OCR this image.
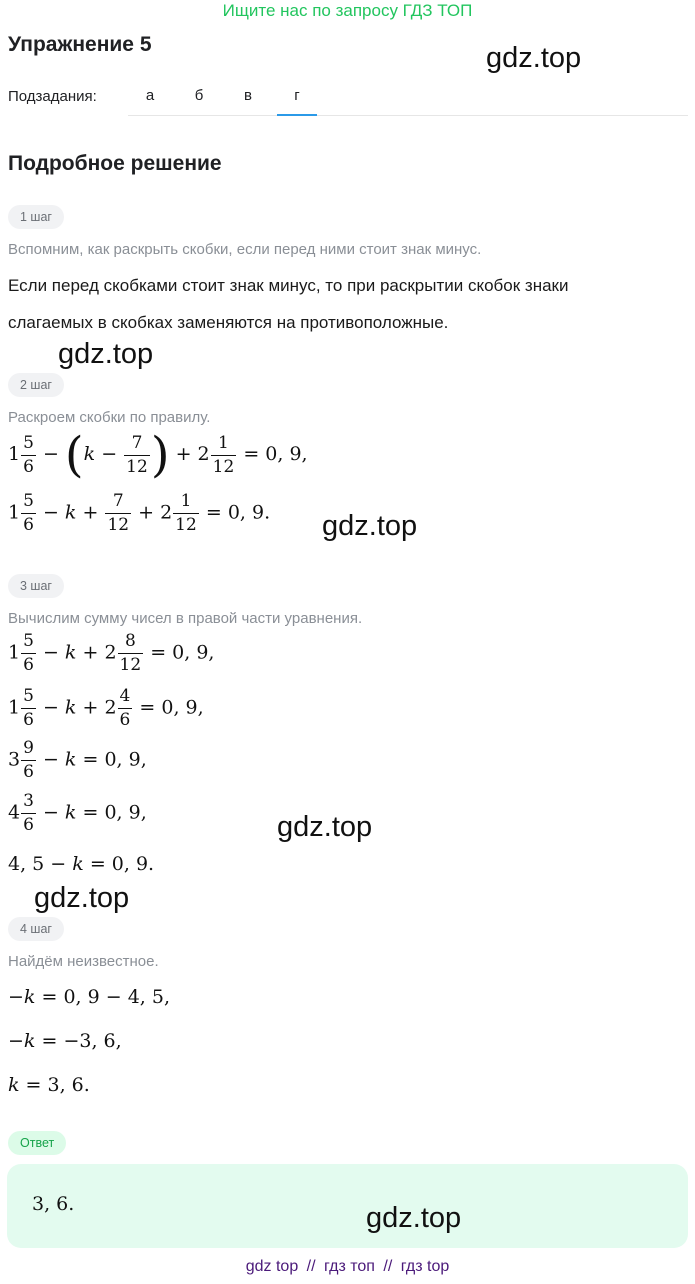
Ищите нас по запросу ГДЗ ТОП
Упражнение 5	gdz.top
Подзадания:	а	б	в	г
Подробное решение
1 шаг
Вспомним, как раскрыть скобки, если перед ними стоит знак минус.
Если перед скобками стоит знак минус, то при раскрытии скобок знаки
слагаемых в скобках заменяются на противоположные.
gdz.top
2 шаг
Раскроем скобки по правилу.
$1 \frac{5}{6} - (k - \frac{7}{12}$ ) + $2 \frac{1}{12} = 0$, 9,
$1 \frac{5}{6} - k + \frac{7}{12} + 2 \frac{1}{12} = 0$, 9. gdz.top
3 шаг
Вычислим сумму чисел в правой части уравнения.
$1 \frac{5}{6} - k + 2 \frac{8}{12} = 0$, 9,
$1 \frac{5}{6} - k + 2 \frac{4}{6} = 0$, 9,
$3 \frac{9}{6} - k = 0$, 9,
$4 \frac{3}{6} - k = 0$, 9,	gdz.top
4, 5 − k = 0, 9.
gdz.top
4 шаг
Найдём неизвестное.
−k = 0, 9 − 4, 5,
−k = −3, 6,
k = 3, 6.
Ответ
3, 6.	gdz.top
gdz top // гдз топ // гдз top
